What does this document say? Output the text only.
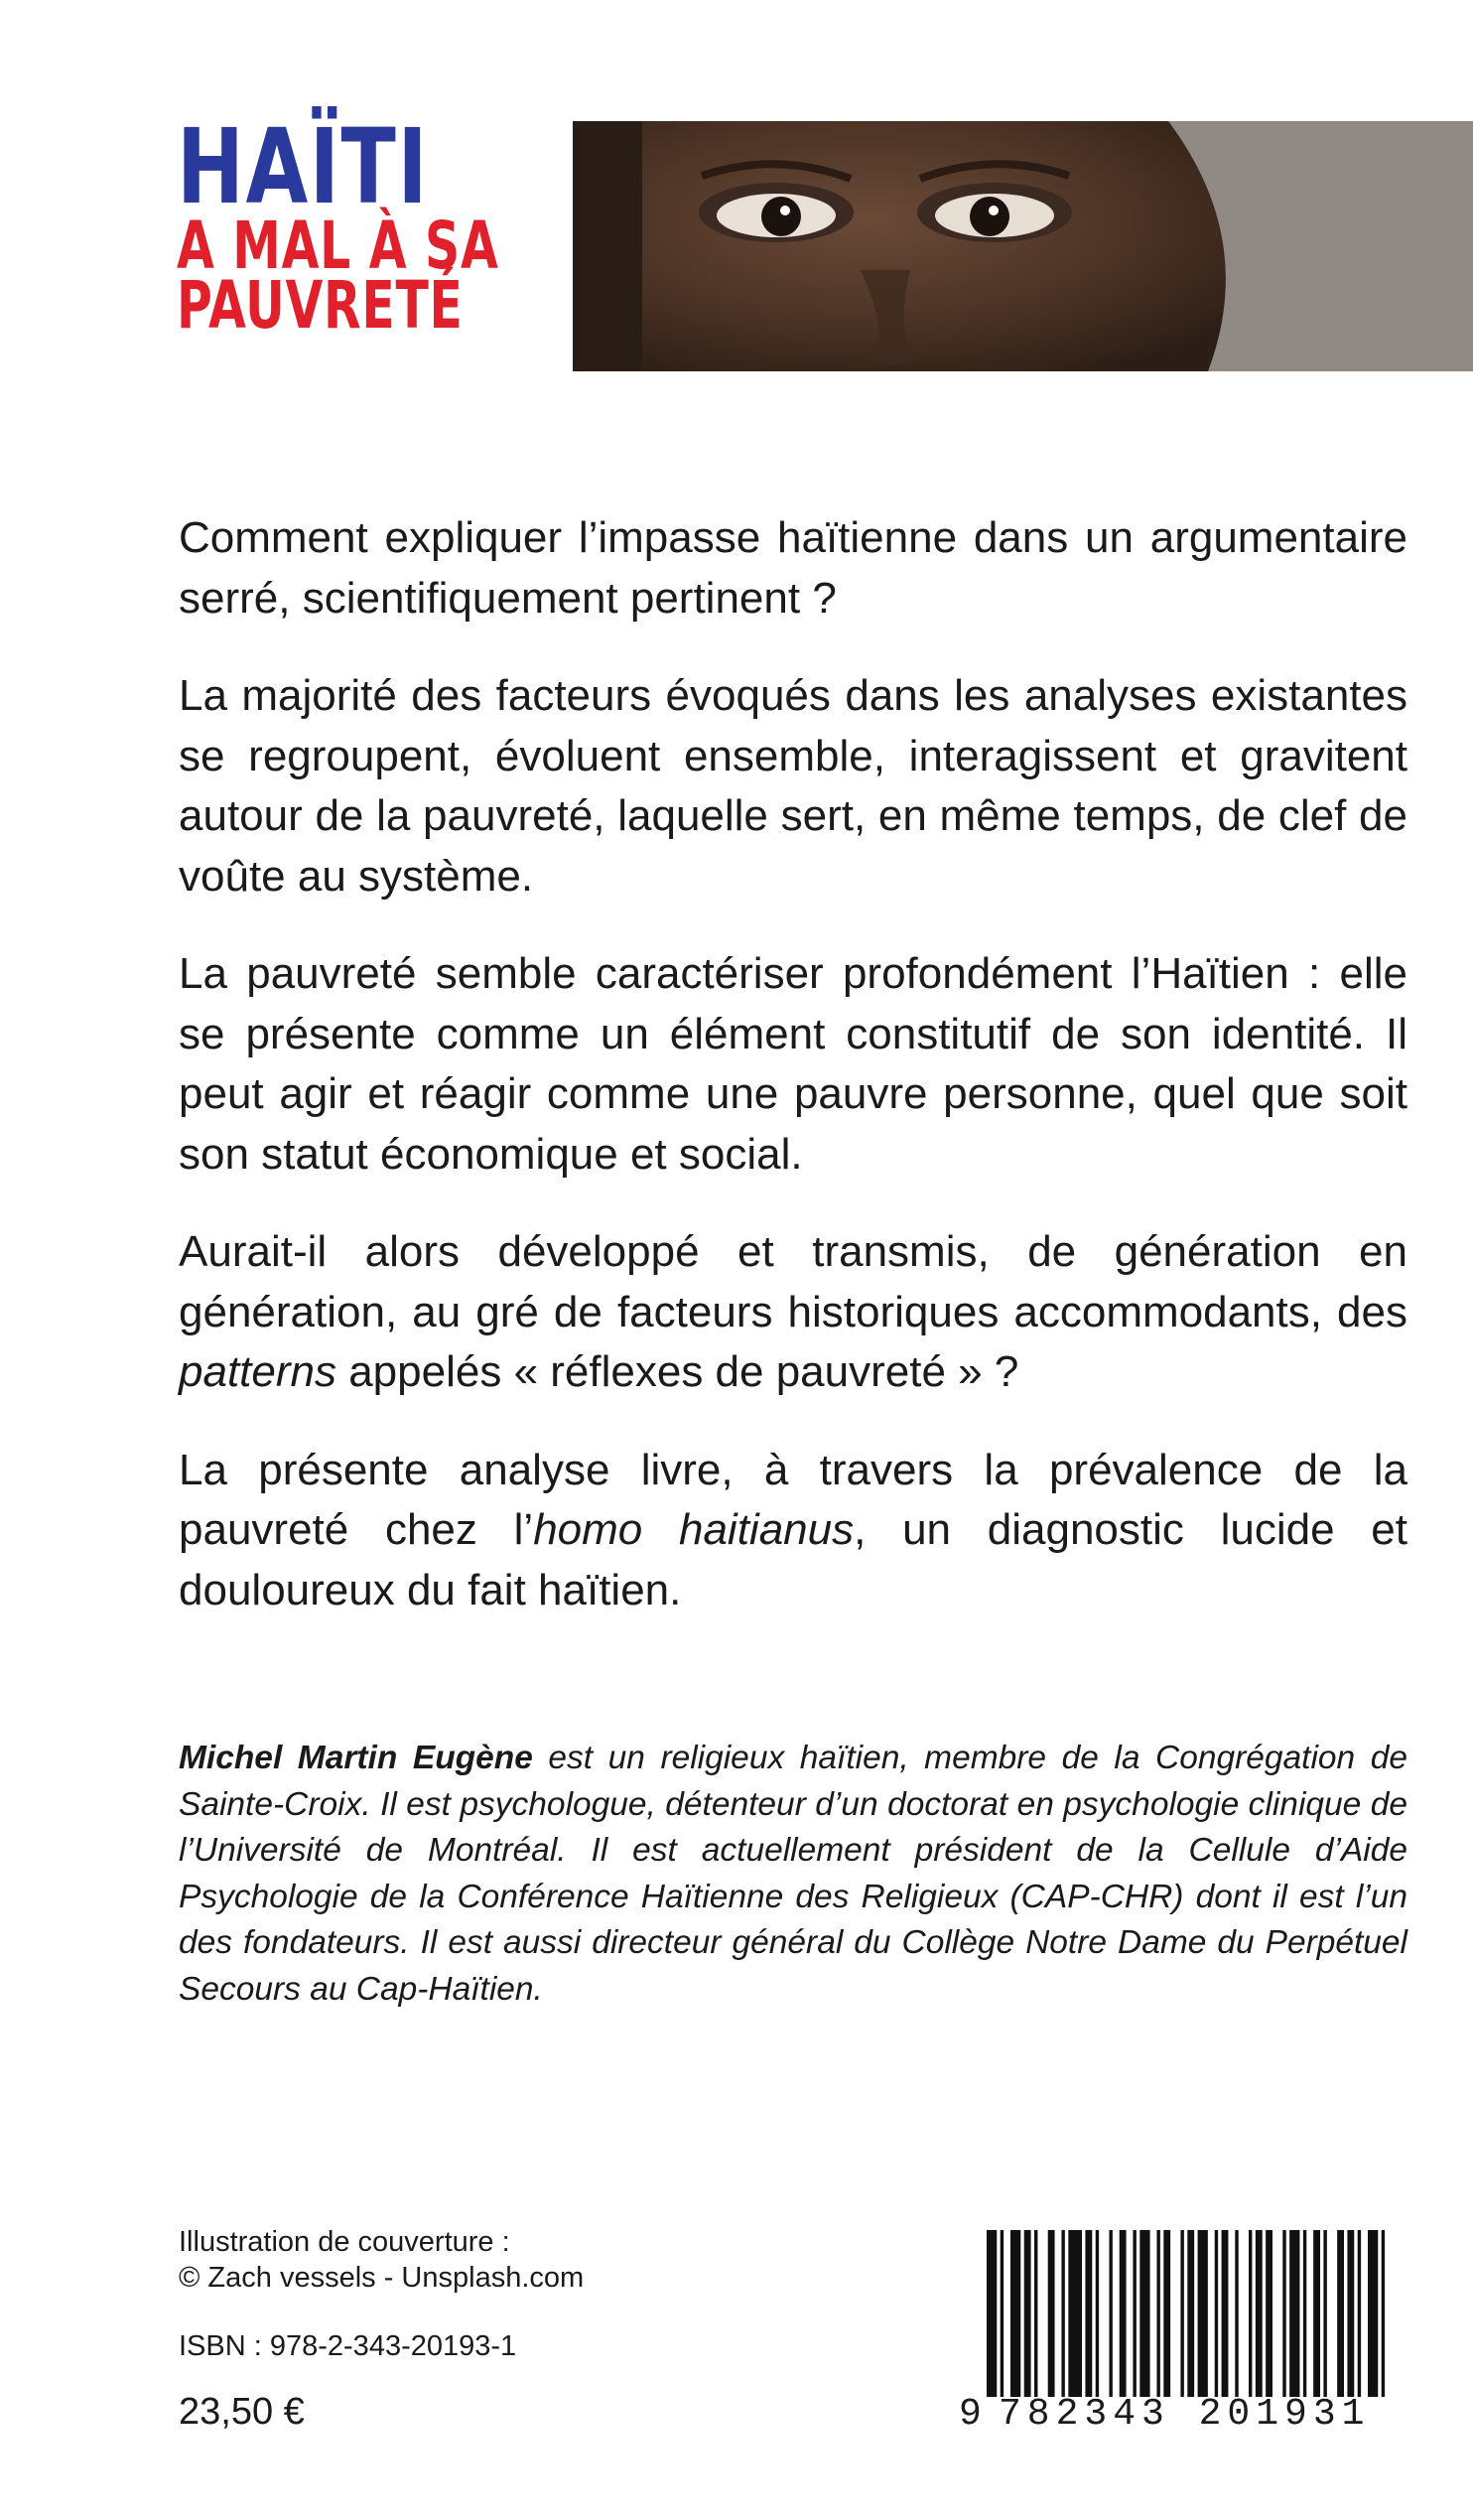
HAÏTI
A MAL À SA
PAUVRETÉ

Comment expliquer l’impasse haïtienne dans un argumentaire serré, scientifiquement pertinent ?

La majorité des facteurs évoqués dans les analyses existantes se regroupent, évoluent ensemble, interagissent et gravitent autour de la pauvreté, laquelle sert, en même temps, de clef de voûte au système.

La pauvreté semble caractériser profondément l’Haïtien : elle se présente comme un élément constitutif de son identité. Il peut agir et réagir comme une pauvre personne, quel que soit son statut économique et social.

Aurait-il alors développé et transmis, de génération en génération, au gré de facteurs historiques accommodants, des patterns appelés « réflexes de pauvreté » ?

La présente analyse livre, à travers la prévalence de la pauvreté chez l’homo haitianus, un diagnostic lucide et douloureux du fait haïtien.

Michel Martin Eugène est un religieux haïtien, membre de la Congrégation de Sainte-Croix. Il est psychologue, détenteur d’un doctorat en psychologie clinique de l’Université de Montréal. Il est actuellement président de la Cellule d’Aide Psychologie de la Conférence Haïtienne des Religieux (CAP-CHR) dont il est l’un des fondateurs. Il est aussi directeur général du Collège Notre Dame du Perpétuel Secours au Cap-Haïtien.
Illustration de couverture :
© Zach vessels - Unsplash.com
ISBN : 978-2-343-20193-1
23,50 €	9 782343 201931
